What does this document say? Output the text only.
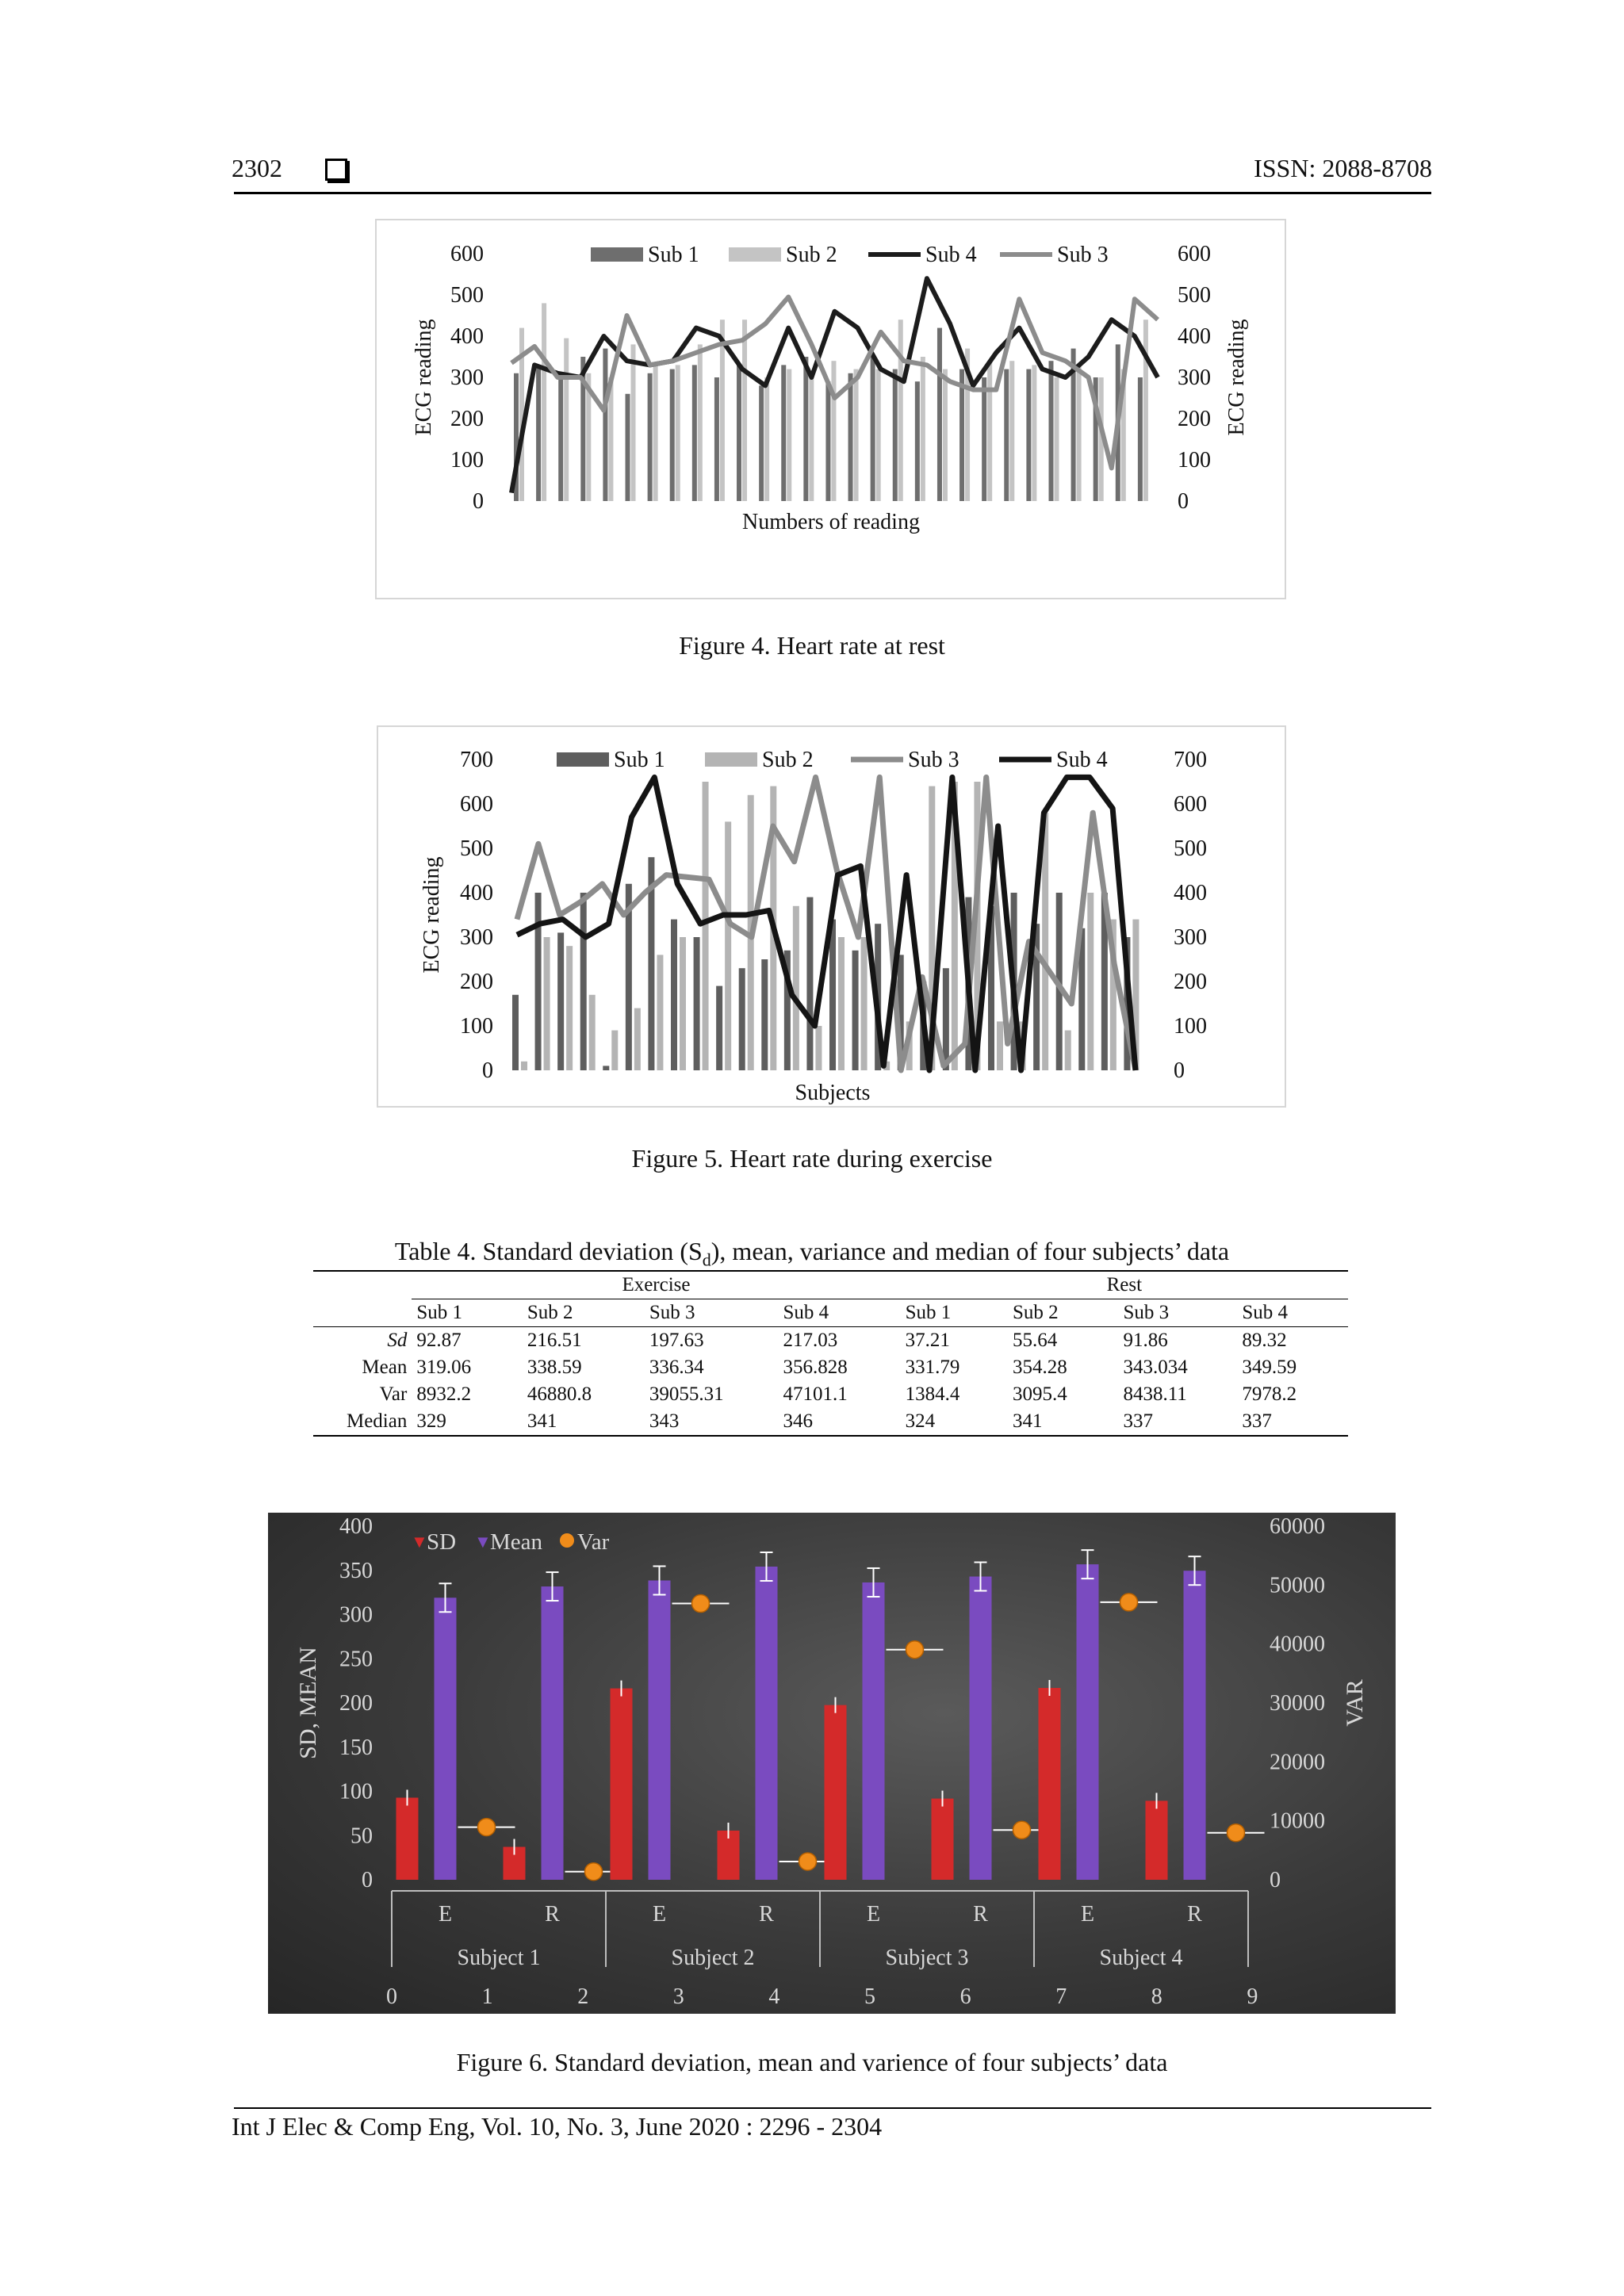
2302	ISSN: 2088-8708
0	0
100	100
200	200
300	300
400	400
500	500
600	600
ECG reading	ECG reading
Numbers of reading
Sub 1	Sub 2	Sub 4	Sub 3
Figure 4. Heart rate at rest
0	0
100	100
200	200
300	300
400	400
500	500
600	600
700	700
ECG reading
Subjects
Sub 1	Sub 2	Sub 3	Sub 4
Figure 5. Heart rate during exercise
Table 4. Standard deviation $(S_d)$, mean, variance and median of four subjects’ data
	Exercise				Rest			
	Sub 1	Sub 2	Sub 3	Sub 4	Sub 1	Sub 2	Sub 3	Sub 4
Sd	92.87	216.51	197.63	217.03	37.21	55.64	91.86	89.32
Mean	319.06	338.59	336.34	356.828	331.79	354.28	343.034	349.59
Var	8932.2	46880.8	39055.31	47101.1	1384.4	3095.4	8438.11	7978.2
Median	329	341	343	346	324	341	337	337
0
50
100
150
200
250
300
350
400
0
10000
20000
30000
40000
50000
60000
SD, MEAN	VAR
E	R	E	R	E	R	E	R
Subject 1	Subject 2	Subject 3	Subject 4
0	1	2	3	4	5	6	7	8	9
▼
SD ▼
Mean Var
Figure 6. Standard deviation, mean and varience of four subjects’ data
Int J Elec & Comp Eng, Vol. 10, No. 3, June 2020 : 2296 - 2304
